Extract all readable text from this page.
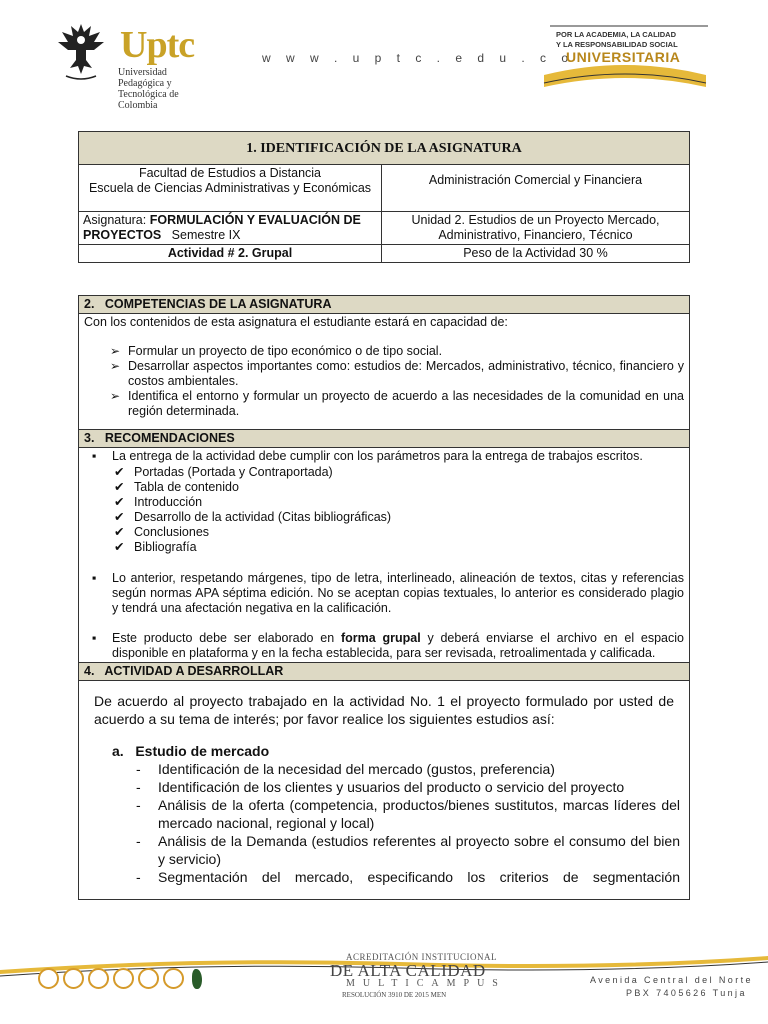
Uptc
Universidad Pedagógica y Tecnológica de Colombia
w w w . u p t c . e d u . c o
POR LA ACADEMIA, LA CALIDAD
Y LA RESPONSABILIDAD SOCIAL
UNIVERSITARIA
1. IDENTIFICACIÓN DE LA ASIGNATURA	

Facultad de Estudios a Distancia
Escuela de Ciencias Administrativas y Económicas	Administración Comercial y Financiera
Asignatura: FORMULACIÓN Y EVALUACIÓN DE PROYECTOS   Semestre IX	Unidad 2. Estudios de un Proyecto Mercado, Administrativo, Financiero, Técnico
Actividad # 2. Grupal	Peso de la Actividad 30 %
2. COMPETENCIAS DE LA ASIGNATURA

Con los contenidos de esta asignatura el estudiante estará en capacidad de:
➢ Formular un proyecto de tipo económico o de tipo social.
➢ Desarrollar aspectos importantes como: estudios de: Mercados, administrativo, técnico, financiero y costos ambientales.
➢ Identifica el entorno y formular un proyecto de acuerdo a las necesidades de la comunidad en una región determinada.

3. RECOMENDACIONES

▪ La entrega de la actividad debe cumplir con los parámetros para la entrega de trabajos escritos.
✔ Portadas (Portada y Contraportada)
✔ Tabla de contenido
✔ Introducción
✔ Desarrollo de la actividad (Citas bibliográficas)
✔ Conclusiones
✔ Bibliografía
▪ Lo anterior, respetando márgenes, tipo de letra, interlineado, alineación de textos, citas y referencias según normas APA séptima edición. No se aceptan copias textuales, lo anterior es considerado plagio y tendrá una afectación negativa en la calificación.
▪ Este producto debe ser elaborado en forma grupal y deberá enviarse el archivo en el espacio disponible en plataforma y en la fecha establecida, para ser revisada, retroalimentada y calificada.

4.   ACTIVIDAD A DESARROLLAR

De acuerdo al proyecto trabajado en la actividad No. 1 el proyecto formulado por usted de acuerdo a su tema de interés; por favor realice los siguientes estudios así:

a.   Estudio de mercado
- Identificación de la necesidad del mercado (gustos, preferencia)
- Identificación de los clientes y usuarios del producto o servicio del proyecto
- Análisis de la oferta (competencia, productos/bienes sustitutos, marcas líderes del mercado nacional, regional y local)
- Análisis de la Demanda (estudios referentes al proyecto sobre el consumo del bien y servicio)
- Segmentación del mercado, especificando los criterios de segmentación

ACREDITACIÓN INSTITUCIONAL
DE ALTA CALIDAD
MULTICAMPUS
RESOLUCIÓN 3910 DE 2015 MEN
Avenida Central del Norte
PBX 7405626 Tunja
